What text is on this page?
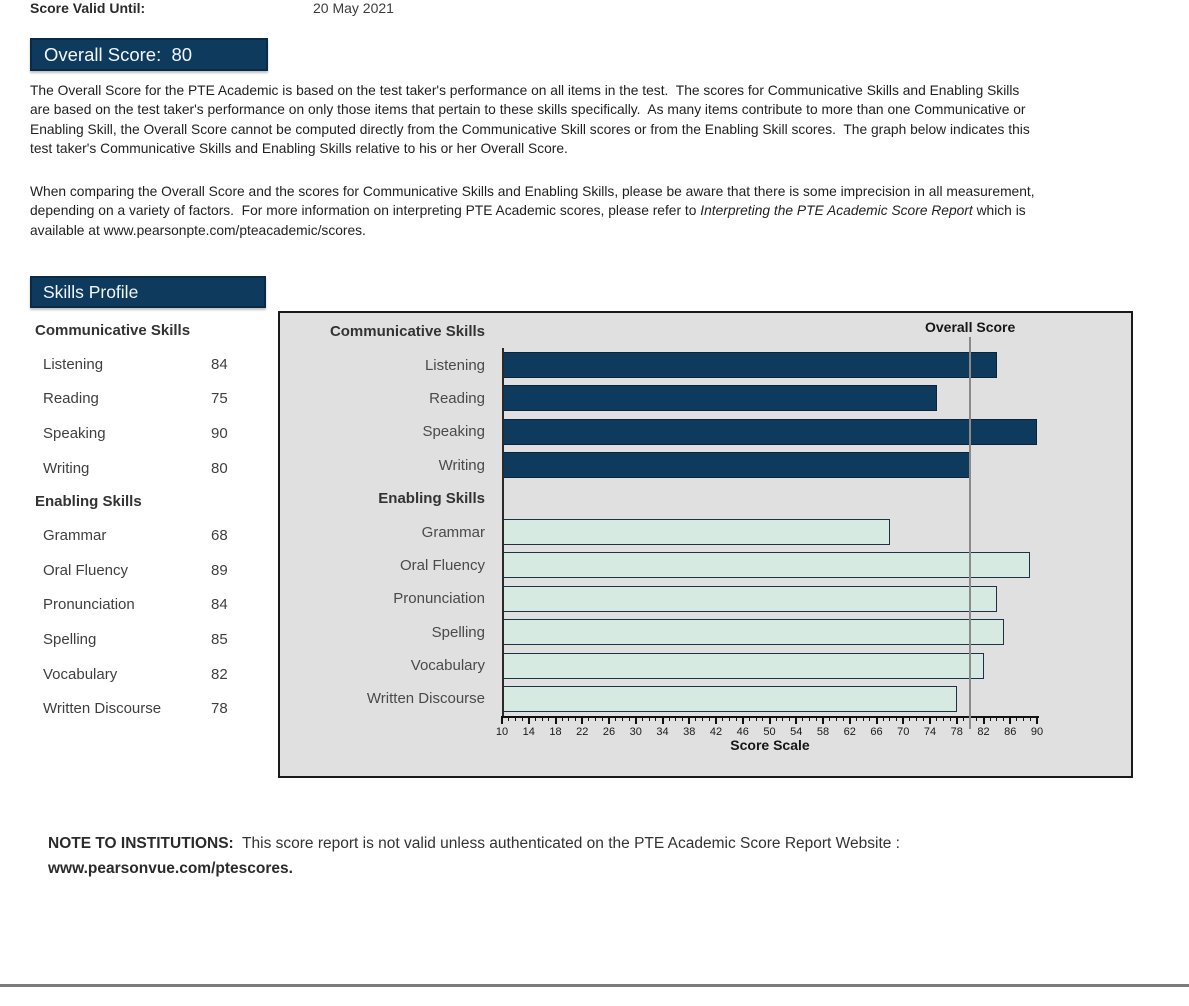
Score Valid Until:	20 May 2021
Overall Score:  80
The Overall Score for the PTE Academic is based on the test taker's performance on all items in the test.  The scores for Communicative Skills and Enabling Skills are based on the test taker's performance on only those items that pertain to these skills specifically.  As many items contribute to more than one Communicative or Enabling Skill, the Overall Score cannot be computed directly from the Communicative Skill scores or from the Enabling Skill scores.  The graph below indicates this test taker's Communicative Skills and Enabling Skills relative to his or her Overall Score.
When comparing the Overall Score and the scores for Communicative Skills and Enabling Skills, please be aware that there is some imprecision in all measurement, depending on a variety of factors.  For more information on interpreting PTE Academic scores, please refer to Interpreting the PTE Academic Score Report which is available at www.pearsonpte.com/pteacademic/scores.
Skills Profile
Communicative Skills
Listening	84
Reading	75
Speaking	90
Writing	80
Enabling Skills
Grammar	68
Oral Fluency	89
Pronunciation	84
Spelling	85
Vocabulary	82
Written Discourse	78
Communicative Skills
Listening
Reading
Speaking
Writing
Enabling Skills
Grammar
Oral Fluency
Pronunciation
Spelling
Vocabulary
Written Discourse
10 14 18 22 26 30 34 38 42 46 50 54 58 62 66 70 74 78 82 86 90
Score Scale
Overall Score
NOTE TO INSTITUTIONS:  This score report is not valid unless authenticated on the PTE Academic Score Report Website :  www.pearsonvue.com/ptescores.
